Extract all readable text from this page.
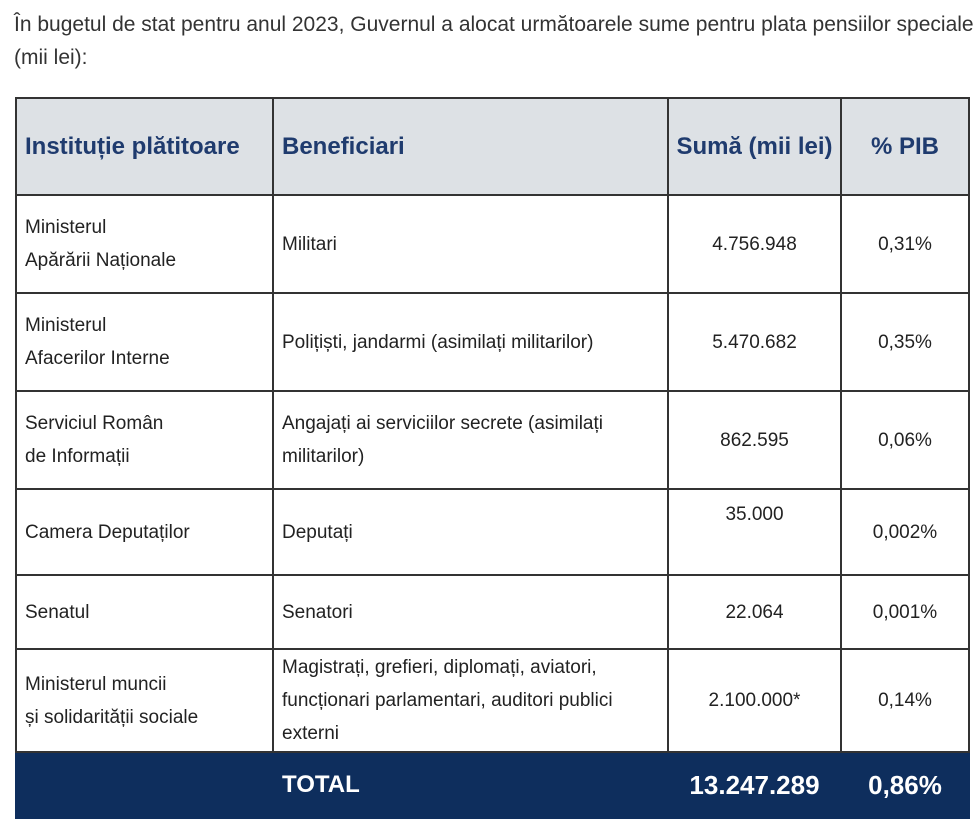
În bugetul de stat pentru anul 2023, Guvernul a alocat următoarele sume pentru plata pensiilor speciale (mii lei):
Instituție plătitoare	Beneficiari	Sumă (mii lei)	% PIB

Ministerul
Apărării Naționale	Militari	4.756.948	0,31%

Ministerul
Afacerilor Interne	Polițiști, jandarmi (asimilați militarilor)	5.470.682	0,35%

Serviciul Român
de Informații	Angajați ai serviciilor secrete (asimilați militarilor)	862.595	0,06%

Camera Deputaților	Deputați	35.000	0,002%

Senatul	Senatori	22.064	0,001%

Ministerul muncii
și solidarității sociale	Magistrați, grefieri, diplomați, aviatori, funcționari parlamentari, auditori publici externi	2.100.000*	0,14%
	TOTAL	13.247.289	0,86%
